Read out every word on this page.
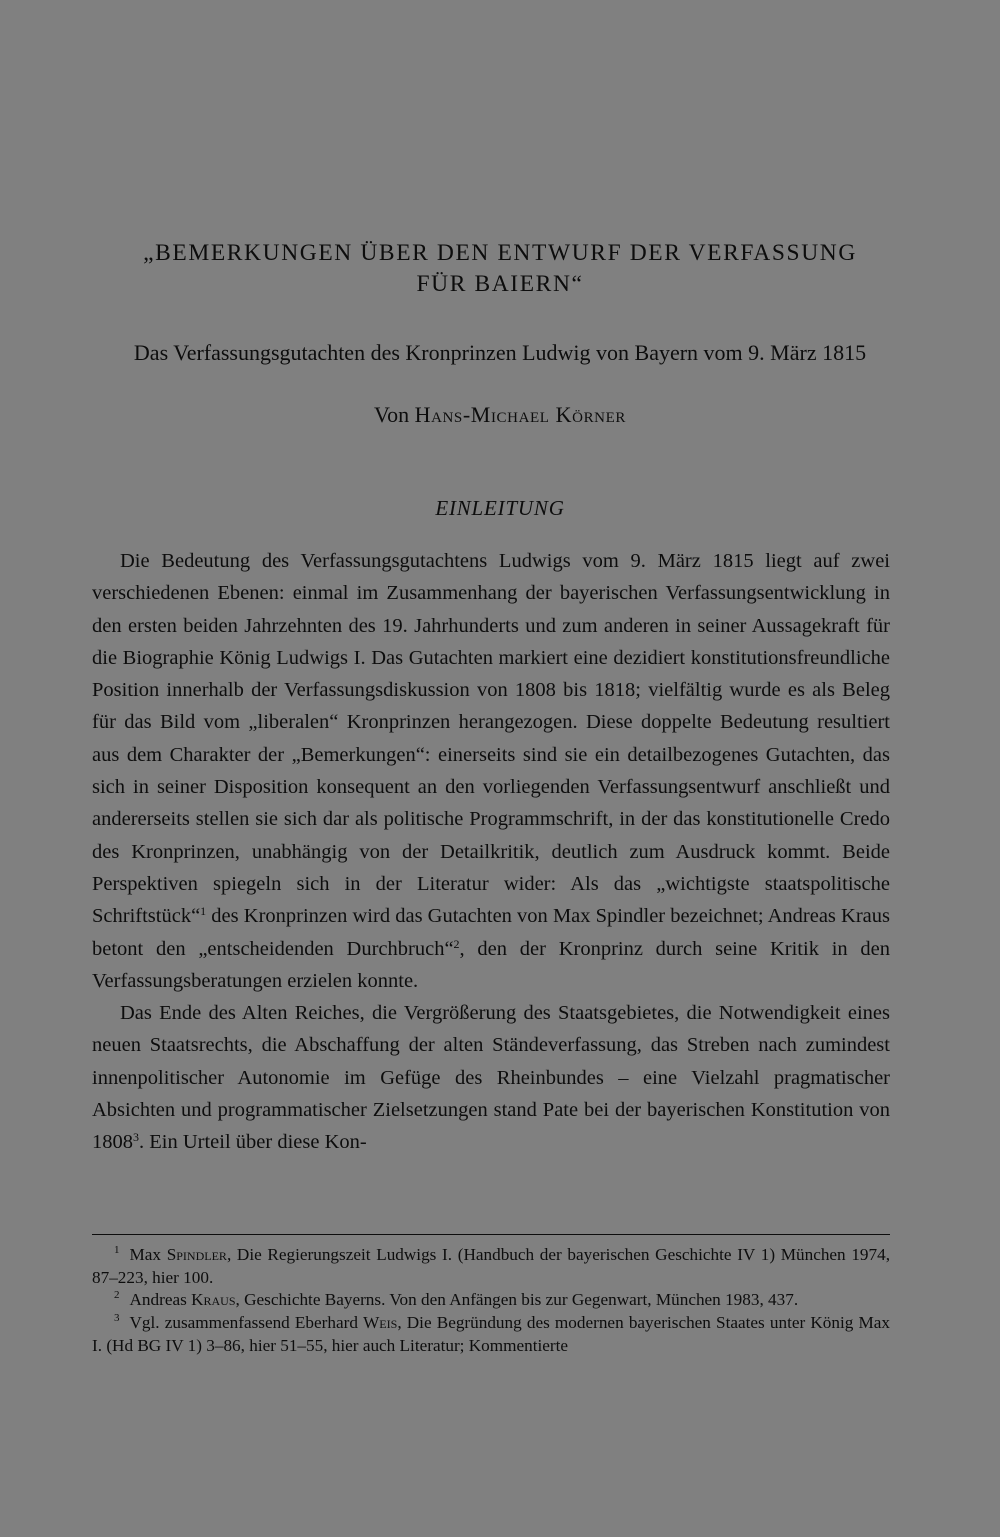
„BEMERKUNGEN ÜBER DEN ENTWURF DER VERFASSUNG
FÜR BAIERN“
Das Verfassungsgutachten des Kronprinzen Ludwig von Bayern vom 9. März 1815
Von Hans-Michael Körner
EINLEITUNG

Die Bedeutung des Verfassungsgutachtens Ludwigs vom 9. März 1815 liegt auf zwei verschiedenen Ebenen: einmal im Zusammenhang der bayerischen Verfassungsentwicklung in den ersten beiden Jahrzehnten des 19. Jahrhunderts und zum anderen in seiner Aussagekraft für die Biographie König Ludwigs I. Das Gutachten markiert eine dezidiert konstitutionsfreundliche Position innerhalb der Verfassungsdiskussion von 1808 bis 1818; vielfältig wurde es als Beleg für das Bild vom „liberalen“ Kronprinzen herangezogen. Diese doppelte Bedeutung resultiert aus dem Charakter der „Bemerkungen“: einerseits sind sie ein detailbezogenes Gutachten, das sich in seiner Disposition konsequent an den vorliegenden Verfassungsentwurf anschließt und andererseits stellen sie sich dar als politische Programmschrift, in der das konstitutionelle Credo des Kronprinzen, unabhängig von der Detailkritik, deutlich zum Ausdruck kommt. Beide Perspektiven spiegeln sich in der Literatur wider: Als das „wichtigste staatspolitische Schriftstück“$^1$ des Kronprinzen wird das Gutachten von Max Spindler bezeichnet; Andreas Kraus betont den „entscheidenden Durchbruch“$^2$, den der Kronprinz durch seine Kritik in den Verfassungsberatungen erzielen konnte.

Das Ende des Alten Reiches, die Vergrößerung des Staatsgebietes, die Notwendigkeit eines neuen Staatsrechts, die Abschaffung der alten Ständeverfassung, das Streben nach zumindest innenpolitischer Autonomie im Gefüge des Rheinbundes – eine Vielzahl pragmatischer Absichten und programmatischer Zielsetzungen stand Pate bei der bayerischen Konstitution von 1808$^3$. Ein Urteil über diese Kon-

$^1$ Max Spindler, Die Regierungszeit Ludwigs I. (Handbuch der bayerischen Geschichte IV 1) München 1974, 87–223, hier 100.

$^2$ Andreas Kraus, Geschichte Bayerns. Von den Anfängen bis zur Gegenwart, München 1983, 437.

$^3$ Vgl. zusammenfassend Eberhard Weis, Die Begründung des modernen bayerischen Staates unter König Max I. (Hd BG IV 1) 3–86, hier 51–55, hier auch Literatur; Kommentierte
